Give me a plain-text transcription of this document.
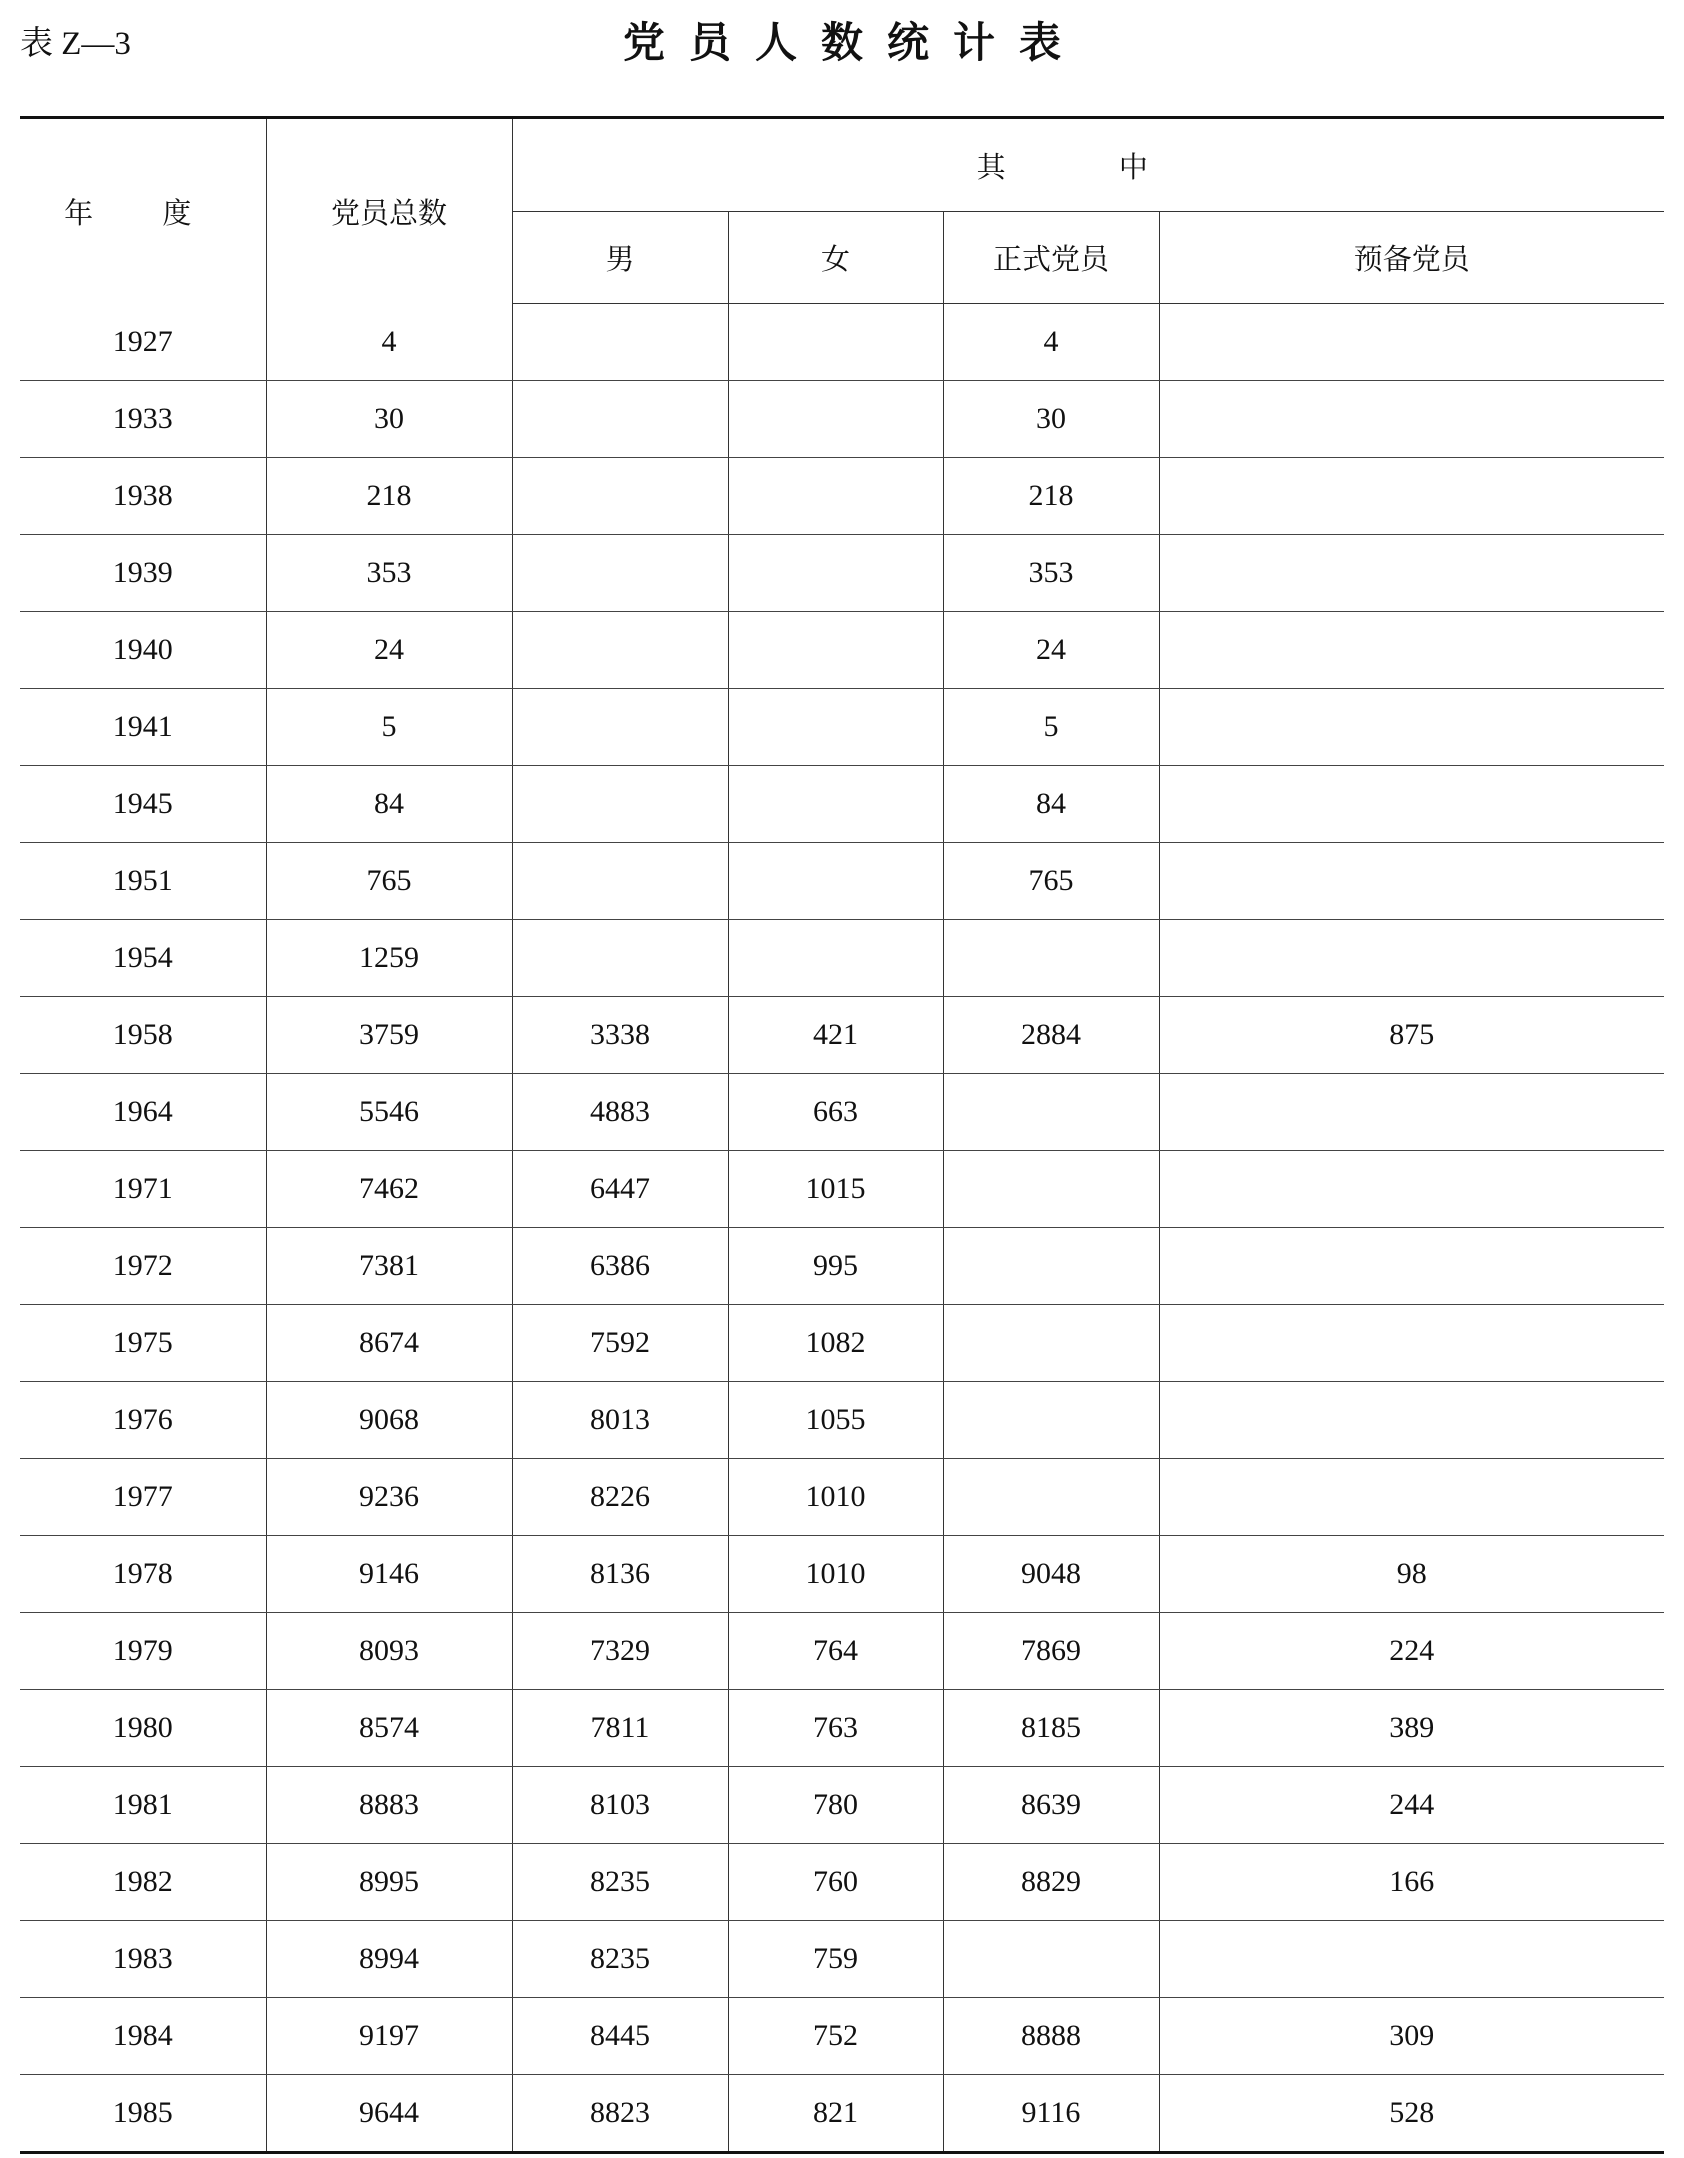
表 Z—3	党员人数统计表
年 度	党员总数	其 中			
		男	女	正式党员	预备党员
1927	4			4	
1933	30			30	
1938	218			218	
1939	353			353	
1940	24			24	
1941	5			5	
1945	84			84	
1951	765			765	
1954	1259				
1958	3759	3338	421	2884	875
1964	5546	4883	663		
1971	7462	6447	1015		
1972	7381	6386	995		
1975	8674	7592	1082		
1976	9068	8013	1055		
1977	9236	8226	1010		
1978	9146	8136	1010	9048	98
1979	8093	7329	764	7869	224
1980	8574	7811	763	8185	389
1981	8883	8103	780	8639	244
1982	8995	8235	760	8829	166
1983	8994	8235	759		
1984	9197	8445	752	8888	309
1985	9644	8823	821	9116	528
